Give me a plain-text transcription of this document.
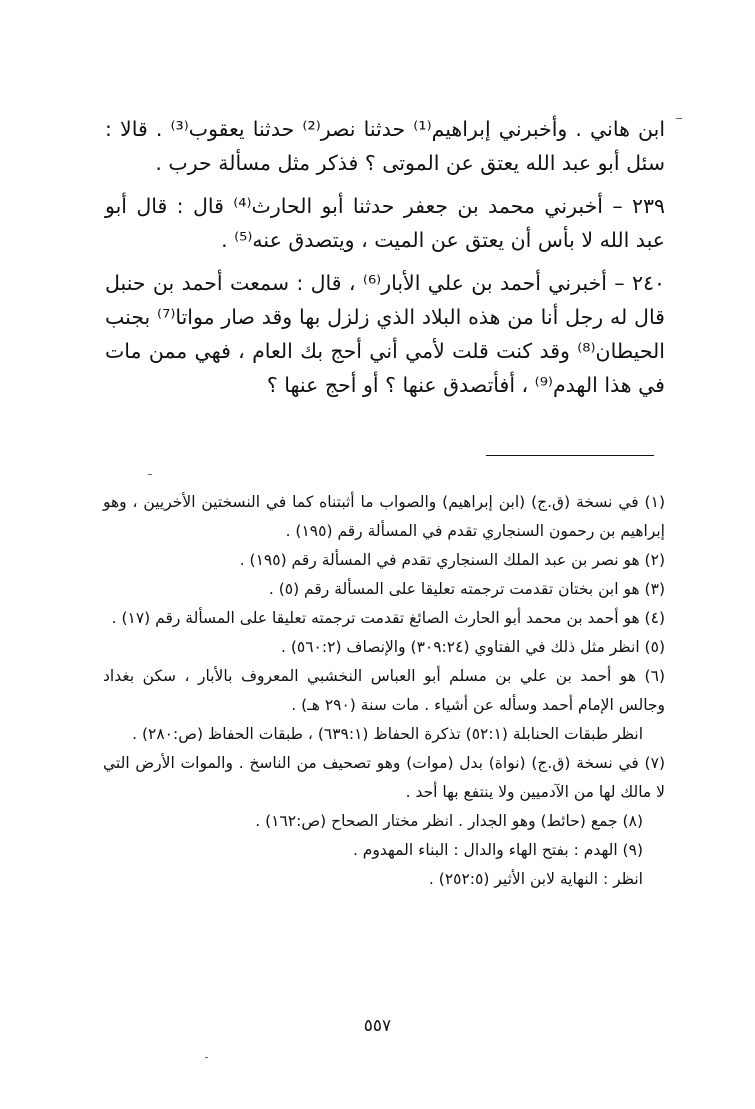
ابن هاني . وأخبرني إبراهيم⁽¹⁾ حدثنا نصر⁽²⁾ حدثنا يعقوب⁽³⁾ . قالا : سئل أبو عبد الله يعتق عن الموتى ؟ فذكر مثل مسألة حرب .

٢٣٩ – أخبرني محمد بن جعفر حدثنا أبو الحارث⁽⁴⁾ قال : قال أبو عبد الله لا بأس أن يعتق عن الميت ، ويتصدق عنه⁽⁵⁾ .

٢٤٠ – أخبرني أحمد بن علي الأبار⁽⁶⁾ ، قال : سمعت أحمد بن حنبل قال له رجل أنا من هذه البلاد الذي زلزل بها وقد صار مواتا⁽⁷⁾ بجنب الحيطان⁽⁸⁾ وقد كنت قلت لأمي أني أحج بك العام ، فهي ممن مات في هذا الهدم⁽⁹⁾ ، أفأتصدق عنها ؟ أو أحج عنها ؟

(١) في نسخة (ق.ج) (ابن إبراهيم) والصواب ما أثبتناه كما في النسختين الأخريين ، وهو إبراهيم بن رحمون السنجاري تقدم في المسألة رقم (١٩٥) .

(٢) هو نصر بن عبد الملك السنجاري تقدم في المسألة رقم (١٩٥) .

(٣) هو ابن بختان تقدمت ترجمته تعليقا على المسألة رقم (٥) .

(٤) هو أحمد بن محمد أبو الحارث الصائغ تقدمت ترجمته تعليقا على المسألة رقم (١٧) .

(٥) انظر مثل ذلك في الفتاوي (٣٠٩:٢٤) والإنصاف (٥٦٠:٢) .

(٦) هو أحمد بن علي بن مسلم أبو العباس النخشبي المعروف بالأبار ، سكن بغداد وجالس الإمام أحمد وسأله عن أشياء . مات سنة (٢٩٠ هـ) .

انظر طبقات الحنابلة (٥٢:١) تذكرة الحفاظ (٦٣٩:١) ، طبقات الحفاظ (ص:٢٨٠) .

(٧) في نسخة (ق.ج) (نواة) بدل (موات) وهو تصحيف من الناسخ . والموات الأرض التي لا مالك لها من الآدميين ولا ينتفع بها أحد .

(٨) جمع (حائط) وهو الجدار . انظر مختار الصحاح (ص:١٦٢) .

(٩) الهدم : بفتح الهاء والدال : البناء المهدوم .

انظر : النهاية لابن الأثير (٢٥٢:٥) .

٥٥٧
